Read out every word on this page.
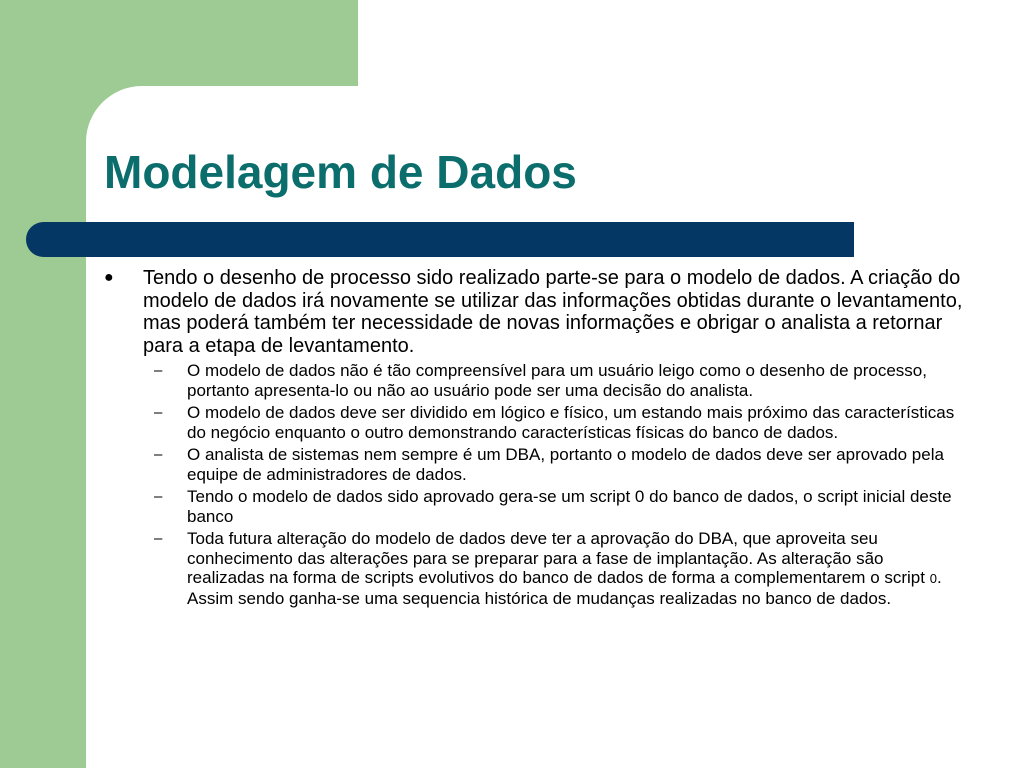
Modelagem de Dados
● Tendo o desenho de processo sido realizado parte-se para o modelo de dados. A criação do modelo de dados irá novamente se utilizar das informações obtidas durante o levantamento, mas poderá também ter necessidade de novas informações e obrigar o analista a retornar para a etapa de levantamento.
– O modelo de dados não é tão compreensível para um usuário leigo como o desenho de processo, portanto apresenta-lo ou não ao usuário pode ser uma decisão do analista.
– O modelo de dados deve ser dividido em lógico e físico, um estando mais próximo das características do negócio enquanto o outro demonstrando características físicas do banco de dados.
– O analista de sistemas nem sempre é um DBA, portanto o modelo de dados deve ser aprovado pela equipe de administradores de dados.
– Tendo o modelo de dados sido aprovado gera-se um script 0 do banco de dados, o script inicial deste banco
– Toda futura alteração do modelo de dados deve ter a aprovação do DBA, que aproveita seu conhecimento das alterações para se preparar para a fase de implantação. As alteração são realizadas na forma de scripts evolutivos do banco de dados de forma a complementarem o script 0. Assim sendo ganha-se uma sequencia histórica de mudanças realizadas no banco de dados.
